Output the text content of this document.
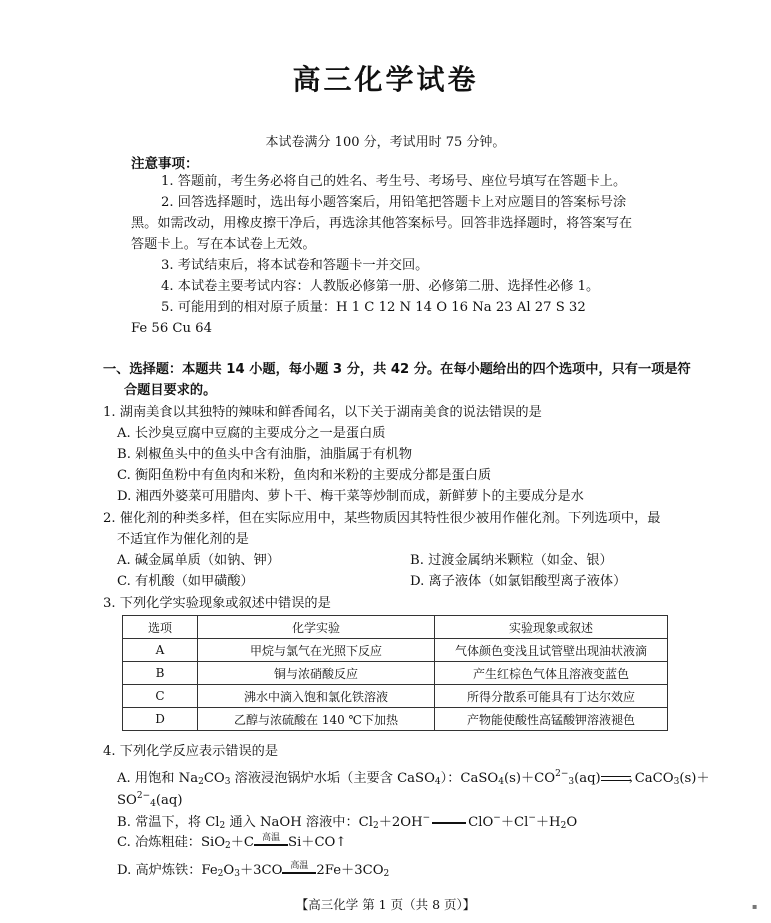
高三化学试卷
本试卷满分 100 分，考试用时 75 分钟。
注意事项：
1. 答题前，考生务必将自己的姓名、考生号、考场号、座位号填写在答题卡上。
2. 回答选择题时，选出每小题答案后，用铅笔把答题卡上对应题目的答案标号涂
黑。如需改动，用橡皮擦干净后，再选涂其他答案标号。回答非选择题时，将答案写在
答题卡上。写在本试卷上无效。
3. 考试结束后，将本试卷和答题卡一并交回。
4. 本试卷主要考试内容：人教版必修第一册、必修第二册、选择性必修 1。
5. 可能用到的相对原子质量：H 1 C 12 N 14 O 16 Na 23 Al 27 S 32
Fe 56 Cu 64
一、选择题：本题共 14 小题，每小题 3 分，共 42 分。在每小题给出的四个选项中，只有一项是符
合题目要求的。
1. 湖南美食以其独特的辣味和鲜香闻名，以下关于湖南美食的说法错误的是
A. 长沙臭豆腐中豆腐的主要成分之一是蛋白质
B. 剁椒鱼头中的鱼头中含有油脂，油脂属于有机物
C. 衡阳鱼粉中有鱼肉和米粉，鱼肉和米粉的主要成分都是蛋白质
D. 湘西外婆菜可用腊肉、萝卜干、梅干菜等炒制而成，新鲜萝卜的主要成分是水
2. 催化剂的种类多样，但在实际应用中，某些物质因其特性很少被用作催化剂。下列选项中，最
不适宜作为催化剂的是
A. 碱金属单质（如钠、钾）	B. 过渡金属纳米颗粒（如金、银）
C. 有机酸（如甲磺酸）	D. 离子液体（如氯铝酸型离子液体）
3. 下列化学实验现象或叙述中错误的是
选项	化学实验	实验现象或叙述
A	甲烷与氯气在光照下反应	气体颜色变浅且试管壁出现油状液滴
B	铜与浓硝酸反应	产生红棕色气体且溶液变蓝色
C	沸水中滴入饱和氯化铁溶液	所得分散系可能具有丁达尔效应
D	乙醇与浓硫酸在 140 ℃下加热	产物能使酸性高锰酸钾溶液褪色
4. 下列化学反应表示错误的是
A. 用饱和 $Na_2CO_3$ 溶液浸泡锅炉水垢（主要含 CaSO$_4$）：$CaSO_4(s)+CO^{2-}_3(aq)$	› CaCO$_3$(s)＋
$SO^{2-}_4(aq)$
B. 常温下，将 $Cl_2$ 通入 NaOH 溶液中：$Cl_2+2OH^-$	$ClO^-+Cl^-+H_2O$
C. 冶炼粗硅：SiO$_2$＋C 高温 Si＋CO↑
D. 高炉炼铁：$Fe_2O_3+3CO$ 高温 $2Fe+3CO_2$
【高三化学 第 1 页（共 8 页）】	▪
